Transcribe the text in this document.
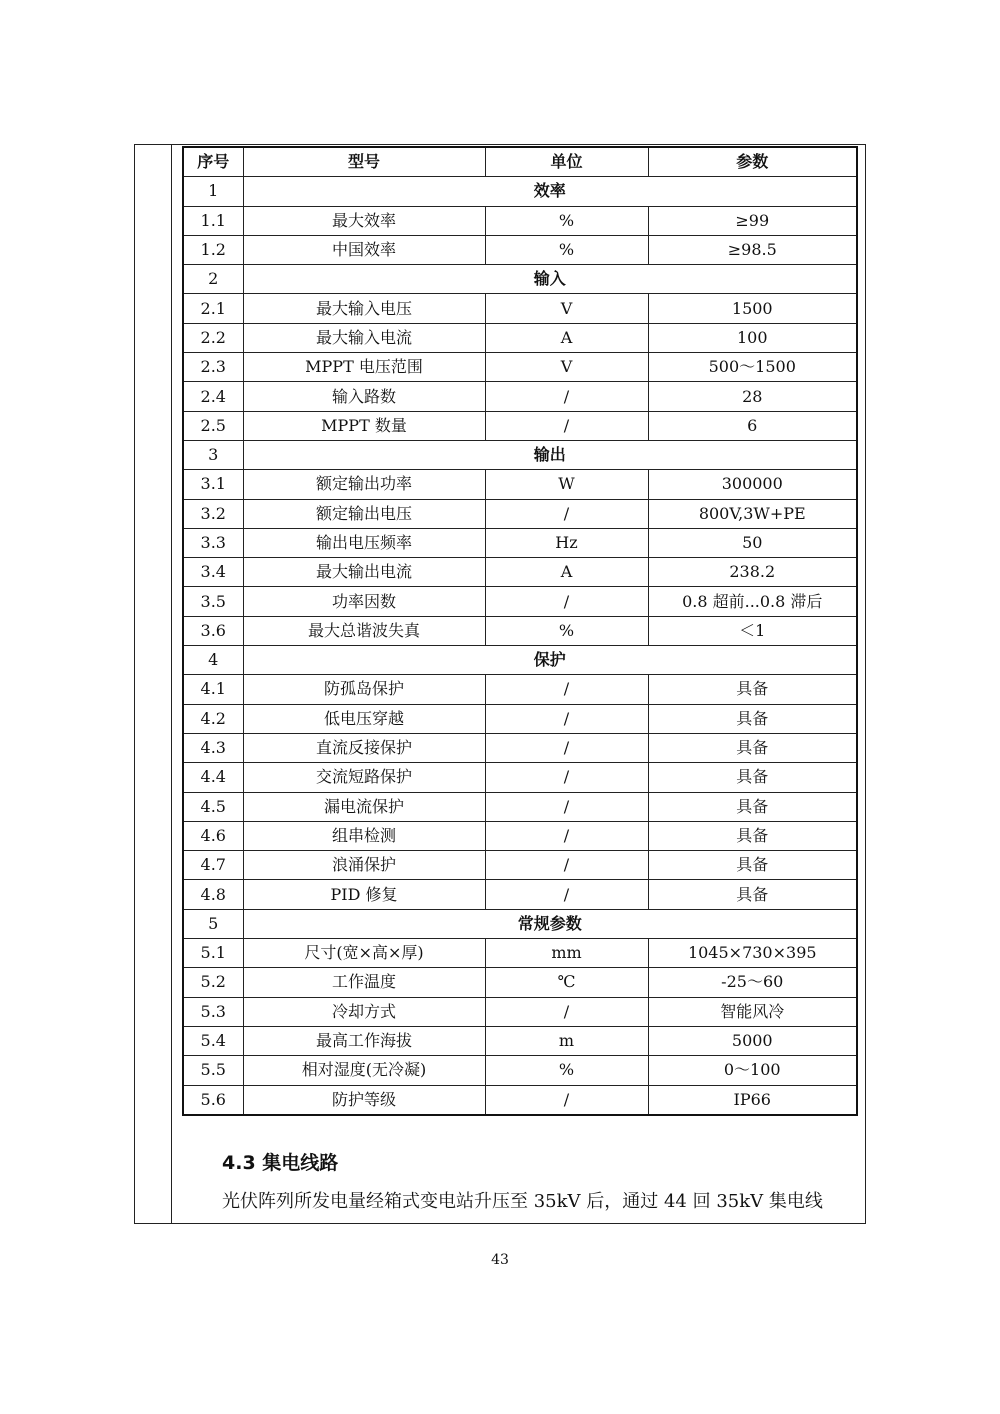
序号	型号	单位	参数
1	效率		
1.1	最大效率	%	≥99
1.2	中国效率	%	≥98.5
2	输入		
2.1	最大输入电压	V	1500
2.2	最大输入电流	A	100
2.3	MPPT 电压范围	V	500～1500
2.4	输入路数	/	28
2.5	MPPT 数量	/	6
3	输出		
3.1	额定输出功率	W	300000
3.2	额定输出电压	/	800V,3W+PE
3.3	输出电压频率	Hz	50
3.4	最大输出电流	A	238.2
3.5	功率因数	/	0.8 超前...0.8 滞后
3.6	最大总谐波失真	%	＜1
4	保护		
4.1	防孤岛保护	/	具备
4.2	低电压穿越	/	具备
4.3	直流反接保护	/	具备
4.4	交流短路保护	/	具备
4.5	漏电流保护	/	具备
4.6	组串检测	/	具备
4.7	浪涌保护	/	具备
4.8	PID 修复	/	具备
5	常规参数		
5.1	尺寸(宽×高×厚)	mm	1045×730×395
5.2	工作温度	℃	-25～60
5.3	冷却方式	/	智能风冷
5.4	最高工作海拔	m	5000
5.5	相对湿度(无冷凝)	%	0～100
5.6	防护等级	/	IP66
4.3 集电线路
光伏阵列所发电量经箱式变电站升压至 35kV 后，通过 44 回 35kV 集电线
43
